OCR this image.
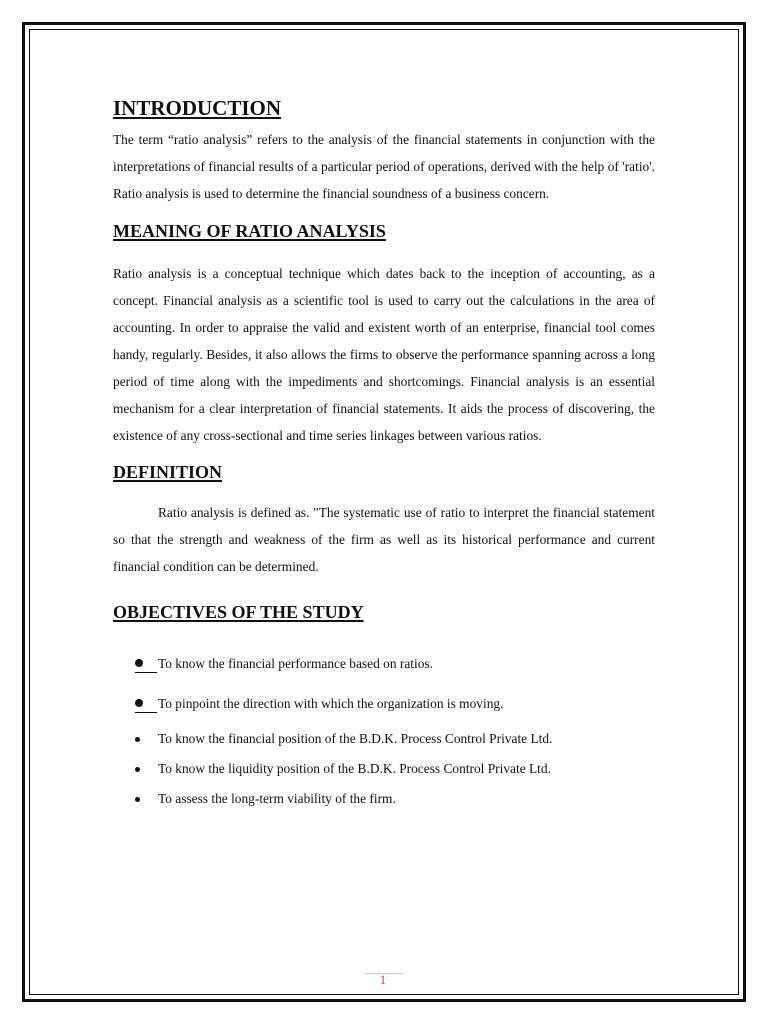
INTRODUCTION

The term “ratio analysis” refers to the analysis of the financial statements in conjunction with the interpretations of financial results of a particular period of operations, derived with the help of 'ratio'. Ratio analysis is used to determine the financial soundness of a business concern.

MEANING OF RATIO ANALYSIS

Ratio analysis is a conceptual technique which dates back to the inception of accounting, as a concept. Financial analysis as a scientific tool is used to carry out the calculations in the area of accounting. In order to appraise the valid and existent worth of an enterprise, financial tool comes handy, regularly. Besides, it also allows the firms to observe the performance spanning across a long period of time along with the impediments and shortcomings. Financial analysis is an essential mechanism for a clear interpretation of financial statements. It aids the process of discovering, the existence of any cross-sectional and time series linkages between various ratios.

DEFINITION

Ratio analysis is defined as. "The systematic use of ratio to interpret the financial statement so that the strength and weakness of the firm as well as its historical performance and current financial condition can be determined.

OBJECTIVES OF THE STUDY
To know the financial performance based on ratios.
To pinpoint the direction with which the organization is moving.
To know the financial position of the B.D.K. Process Control Private Ltd.
To know the liquidity position of the B.D.K. Process Control Private Ltd.
To assess the long-term viability of the firm.
1
